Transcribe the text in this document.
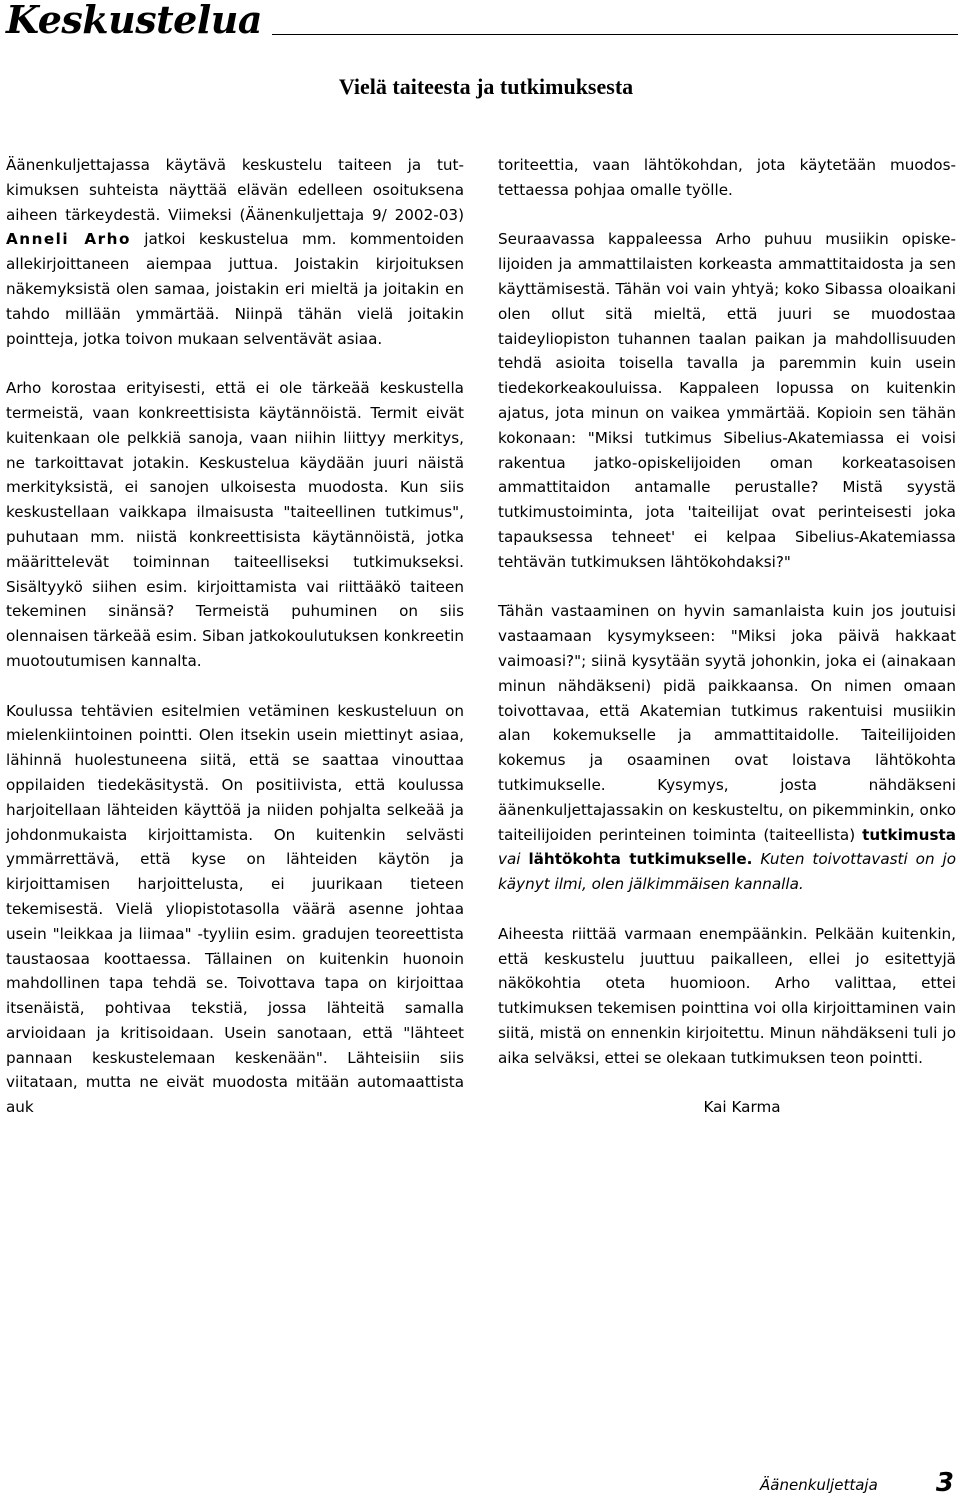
Keskustelua
Vielä taiteesta ja tutkimuksesta

Äänenkuljettajassa käytävä keskustelu taiteen ja tutkimuksen suhteista näyttää elävän edelleen osoituksena aiheen tärkeydestä. Viimeksi (Äänenkuljettaja 9/ 2002-03) Anneli Arho jatkoi keskustelua mm. kommentoiden allekirjoittaneen aiempaa juttua. Joistakin kirjoituksen näkemyksistä olen samaa, joistakin eri mieltä ja joitakin en tahdo millään ymmärtää. Niinpä tähän vielä joitakin pointteja, jotka toivon mukaan selventävät asiaa.

Arho korostaa erityisesti, että ei ole tärkeää keskustella termeistä, vaan konkreettisista käytännöistä. Termit eivät kuitenkaan ole pelkkiä sanoja, vaan niihin liittyy merkitys, ne tarkoittavat jotakin. Keskustelua käydään juuri näistä merkityksistä, ei sanojen ulkoisesta muodosta. Kun siis keskustellaan vaikkapa ilmaisusta "taiteellinen tutkimus", puhutaan mm. niistä konkreettisista käytännöistä, jotka määrittelevät toiminnan taiteelliseksi tutkimukseksi. Sisältyykö siihen esim. kirjoittamista vai riittääkö taiteen tekeminen sinänsä? Termeistä puhuminen on siis olennaisen tärkeää esim. Siban jatkokoulutuksen konkreetin muotoutumisen kannalta.

Koulussa tehtävien esitelmien vetäminen keskusteluun on mielenkiintoinen pointti. Olen itsekin usein miettinyt asiaa, lähinnä huolestuneena siitä, että se saattaa vinouttaa oppilaiden tiedekäsitystä. On positiivista, että koulussa harjoitellaan lähteiden käyttöä ja niiden pohjalta selkeää ja johdonmukaista kirjoittamista. On kuitenkin selvästi ymmärrettävä, että kyse on lähteiden käytön ja kirjoittamisen harjoittelusta, ei juurikaan tieteen tekemisestä. Vielä yliopistotasolla väärä asenne johtaa usein "leikkaa ja liimaa" -tyyliin esim. gradujen teoreettista taustaosaa koottaessa. Tällainen on kuitenkin huonoin mahdollinen tapa tehdä se. Toivottava tapa on kirjoittaa itsenäistä, pohtivaa tekstiä, jossa lähteitä samalla arvioidaan ja kritisoidaan. Usein sanotaan, että "lähteet pannaan keskustelemaan keskenään". Lähteisiin siis viitataan, mutta ne eivät muodosta mitään automaattista auk

toriteettia, vaan lähtökohdan, jota käytetään muodostettaessa pohjaa omalle työlle.

Seuraavassa kappaleessa Arho puhuu musiikin opiskelijoiden ja ammattilaisten korkeasta ammattitaidosta ja sen käyttämisestä. Tähän voi vain yhtyä; koko Sibassa oloaikani olen ollut sitä mieltä, että juuri se muodostaa taideyliopiston tuhannen taalan paikan ja mahdollisuuden tehdä asioita toisella tavalla ja paremmin kuin usein tiedekorkeakouluissa. Kappaleen lopussa on kuitenkin ajatus, jota minun on vaikea ymmärtää. Kopioin sen tähän kokonaan: "Miksi tutkimus Sibelius-Akatemiassa ei voisi rakentua jatko-opiskelijoiden oman korkeatasoisen ammattitaidon antamalle perustalle? Mistä syystä tutkimustoiminta, jota 'taiteilijat ovat perinteisesti joka tapauksessa tehneet' ei kelpaa Sibelius-Akatemiassa tehtävän tutkimuksen lähtökohdaksi?"

Tähän vastaaminen on hyvin samanlaista kuin jos joutuisi vastaamaan kysymykseen: "Miksi joka päivä hakkaat vaimoasi?"; siinä kysytään syytä johonkin, joka ei (ainakaan minun nähdäkseni) pidä paikkaansa. On nimen omaan toivottavaa, että Akatemian tutkimus rakentuisi musiikin alan kokemukselle ja ammattitaidolle. Taiteilijoiden kokemus ja osaaminen ovat loistava lähtökohta tutkimukselle. Kysymys, josta nähdäkseni äänenkuljettajassakin on keskusteltu, on pikemminkin, onko taiteilijoiden perinteinen toiminta (taiteellista) tutkimusta vai lähtökohta tutkimukselle. Kuten toivottavasti on jo käynyt ilmi, olen jälkimmäisen kannalla.

Aiheesta riittää varmaan enempäänkin. Pelkään kuitenkin, että keskustelu juuttuu paikalleen, ellei jo esitettyjä näkökohtia oteta huomioon. Arho valittaa, ettei tutkimuksen tekemisen pointtina voi olla kirjoittaminen vain siitä, mistä on ennenkin kirjoitettu. Minun nähdäkseni tuli jo aika selväksi, ettei se olekaan tutkimuksen teon pointti.

Kai Karma

Äänenkuljettaja 3
